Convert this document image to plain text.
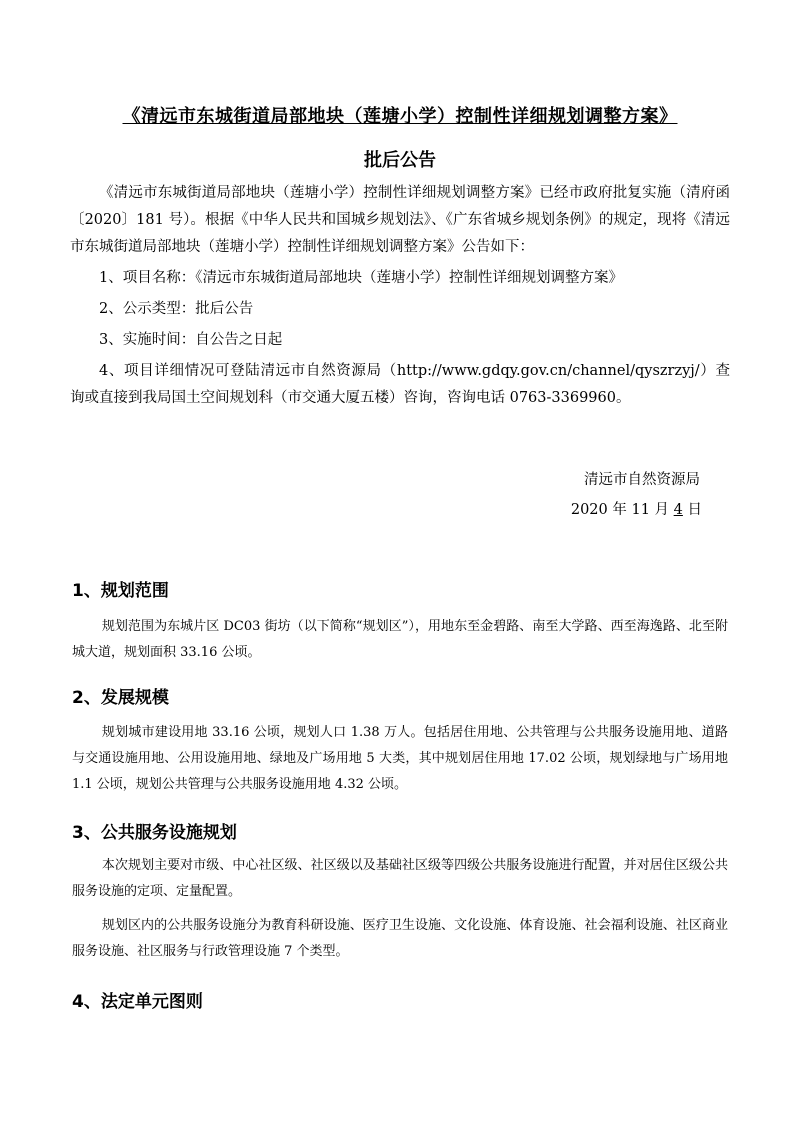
《清远市东城街道局部地块（莲塘小学）控制性详细规划调整方案》
批后公告

《清远市东城街道局部地块（莲塘小学）控制性详细规划调整方案》已经市政府批复实施（清府函〔2020〕181 号）。根据《中华人民共和国城乡规划法》、《广东省城乡规划条例》的规定，现将《清远市东城街道局部地块（莲塘小学）控制性详细规划调整方案》公告如下：

1、项目名称：《清远市东城街道局部地块（莲塘小学）控制性详细规划调整方案》

2、公示类型：批后公告

3、实施时间：自公告之日起

4、项目详细情况可登陆清远市自然资源局（http://www.gdqy.gov.cn/channel/qyszrzyj/）查询或直接到我局国土空间规划科（市交通大厦五楼）咨询，咨询电话 0763-3369960。

清远市自然资源局
2020 年 11 月 4 日
1、规划范围

规划范围为东城片区 DC03 街坊（以下简称“规划区”），用地东至金碧路、南至大学路、西至海逸路、北至附城大道，规划面积 33.16 公顷。

2、发展规模

规划城市建设用地 33.16 公顷，规划人口 1.38 万人。包括居住用地、公共管理与公共服务设施用地、道路与交通设施用地、公用设施用地、绿地及广场用地 5 大类，其中规划居住用地 17.02 公顷，规划绿地与广场用地 1.1 公顷，规划公共管理与公共服务设施用地 4.32 公顷。

3、公共服务设施规划

本次规划主要对市级、中心社区级、社区级以及基础社区级等四级公共服务设施进行配置，并对居住区级公共服务设施的定项、定量配置。

规划区内的公共服务设施分为教育科研设施、医疗卫生设施、文化设施、体育设施、社会福利设施、社区商业服务设施、社区服务与行政管理设施 7 个类型。

4、法定单元图则
